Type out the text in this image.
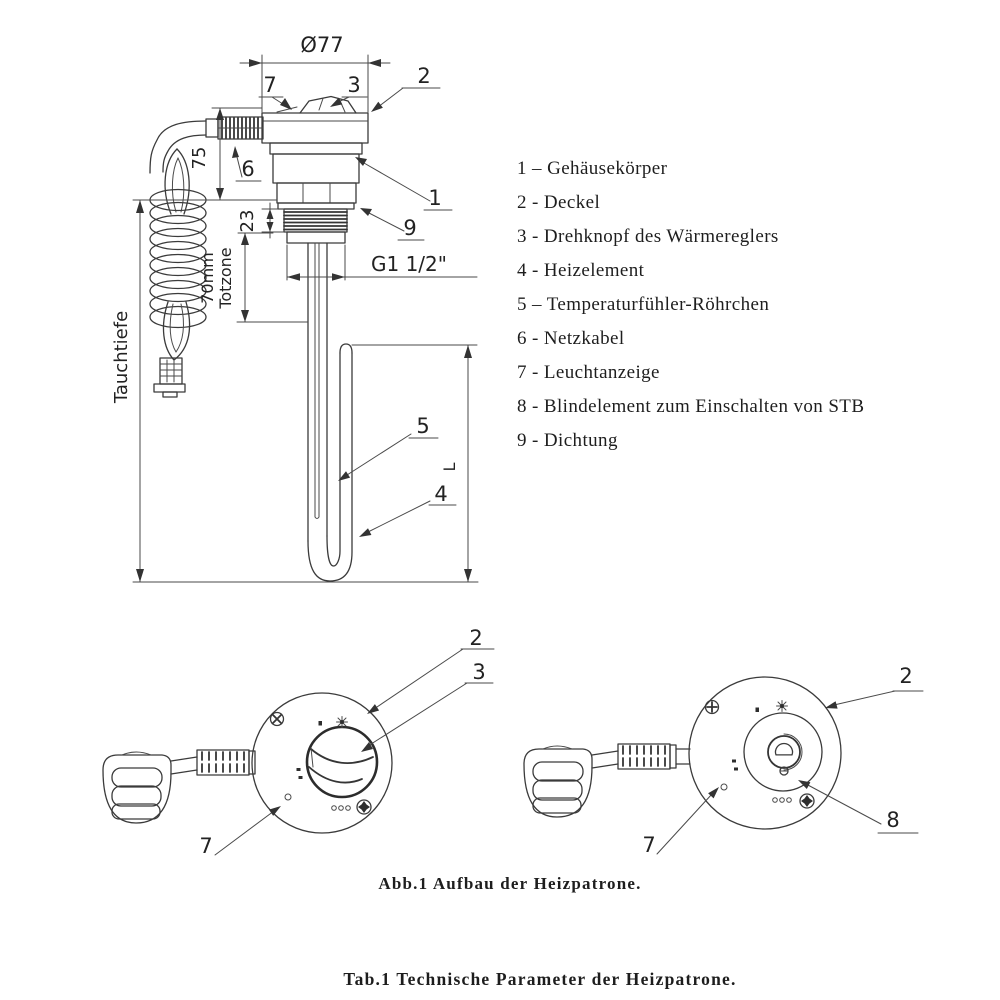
Ø77
75
23
70mm Totzone	G1 1/2"
Tauchtiefe
L
7	3	2
6
1
9
5
4
2
3
7
2
8
7
1 – Gehäusekörper
2 - Deckel
3 - Drehknopf des Wärmereglers
4 - Heizelement
5 – Temperaturfühler-Röhrchen
6 - Netzkabel
7 - Leuchtanzeige
8 - Blindelement zum Einschalten von STB
9 - Dichtung
Abb.1 Aufbau der Heizpatrone.
Tab.1 Technische Parameter der Heizpatrone.
